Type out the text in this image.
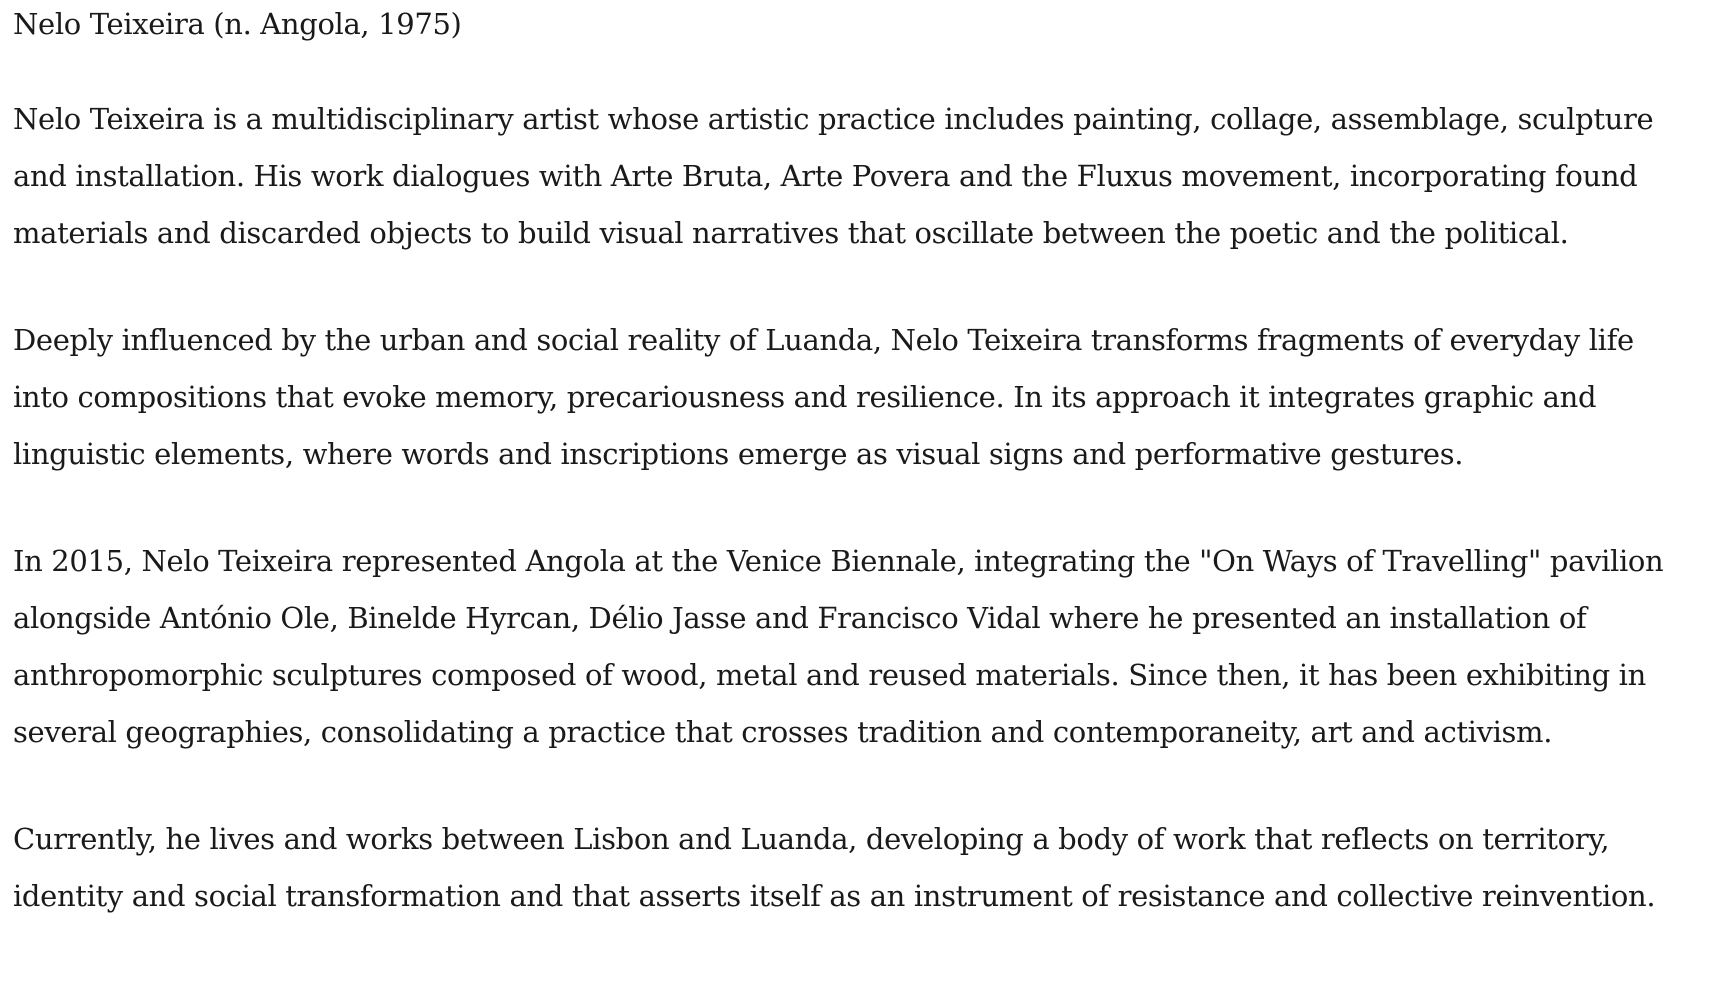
Nelo Teixeira (n. Angola, 1975)

Nelo Teixeira is a multidisciplinary artist whose artistic practice includes painting, collage, assemblage, sculpture
and installation. His work dialogues with Arte Bruta, Arte Povera and the Fluxus movement, incorporating found
materials and discarded objects to build visual narratives that oscillate between the poetic and the political.

Deeply influenced by the urban and social reality of Luanda, Nelo Teixeira transforms fragments of everyday life
into compositions that evoke memory, precariousness and resilience. In its approach it integrates graphic and
linguistic elements, where words and inscriptions emerge as visual signs and performative gestures.

In 2015, Nelo Teixeira represented Angola at the Venice Biennale, integrating the "On Ways of Travelling" pavilion
alongside António Ole, Binelde Hyrcan, Délio Jasse and Francisco Vidal where he presented an installation of
anthropomorphic sculptures composed of wood, metal and reused materials. Since then, it has been exhibiting in
several geographies, consolidating a practice that crosses tradition and contemporaneity, art and activism.

Currently, he lives and works between Lisbon and Luanda, developing a body of work that reflects on territory,
identity and social transformation and that asserts itself as an instrument of resistance and collective reinvention.
